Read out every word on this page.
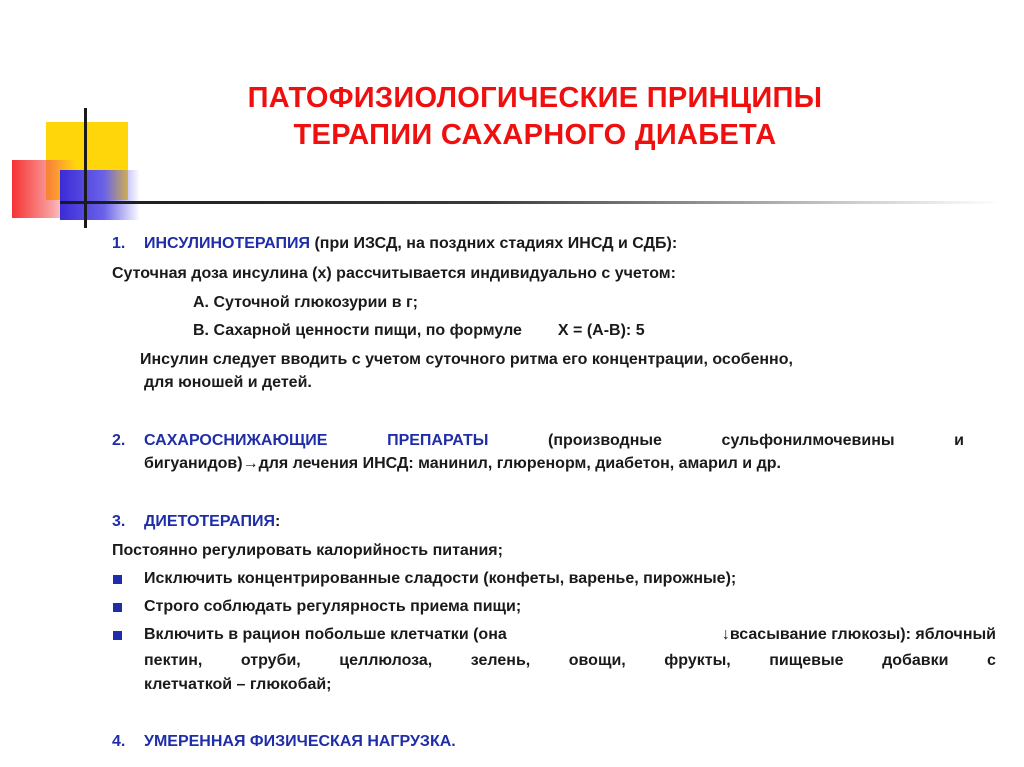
ПАТОФИЗИОЛОГИЧЕСКИЕ ПРИНЦИПЫ
ТЕРАПИИ САХАРНОГО ДИАБЕТА
1. ИНСУЛИНОТЕРАПИЯ (при ИЗСД, на поздних стадиях ИНСД и СДБ):
Суточная доза инсулина (х) рассчитывается индивидуально с учетом:
А. Суточной глюкозурии в г;
В. Сахарной ценности пищи, по формуле Х = (А-В): 5
Инсулин следует вводить с учетом суточного ритма его концентрации, особенно,
для юношей и детей.
2. САХАРОСНИЖАЮЩИЕ	ПРЕПАРАТЫ	(производные	сульфонилмочевины	и
бигуанидов)→для лечения ИНСД: манинил, глюренорм, диабетон, амарил и др.
3. ДИЕТОТЕРАПИЯ:
Постоянно регулировать калорийность питания;
Исключить концентрированные сладости (конфеты, варенье, пирожные);
Строго соблюдать регулярность приема пищи;
Включить в рацион побольше клетчатки (она	↓всасывание глюкозы): яблочный
пектин, отруби, целлюлоза, зелень, овощи, фрукты, пищевые добавки с
клетчаткой – глюкобай;
4. УМЕРЕННАЯ ФИЗИЧЕСКАЯ НАГРУЗКА.
